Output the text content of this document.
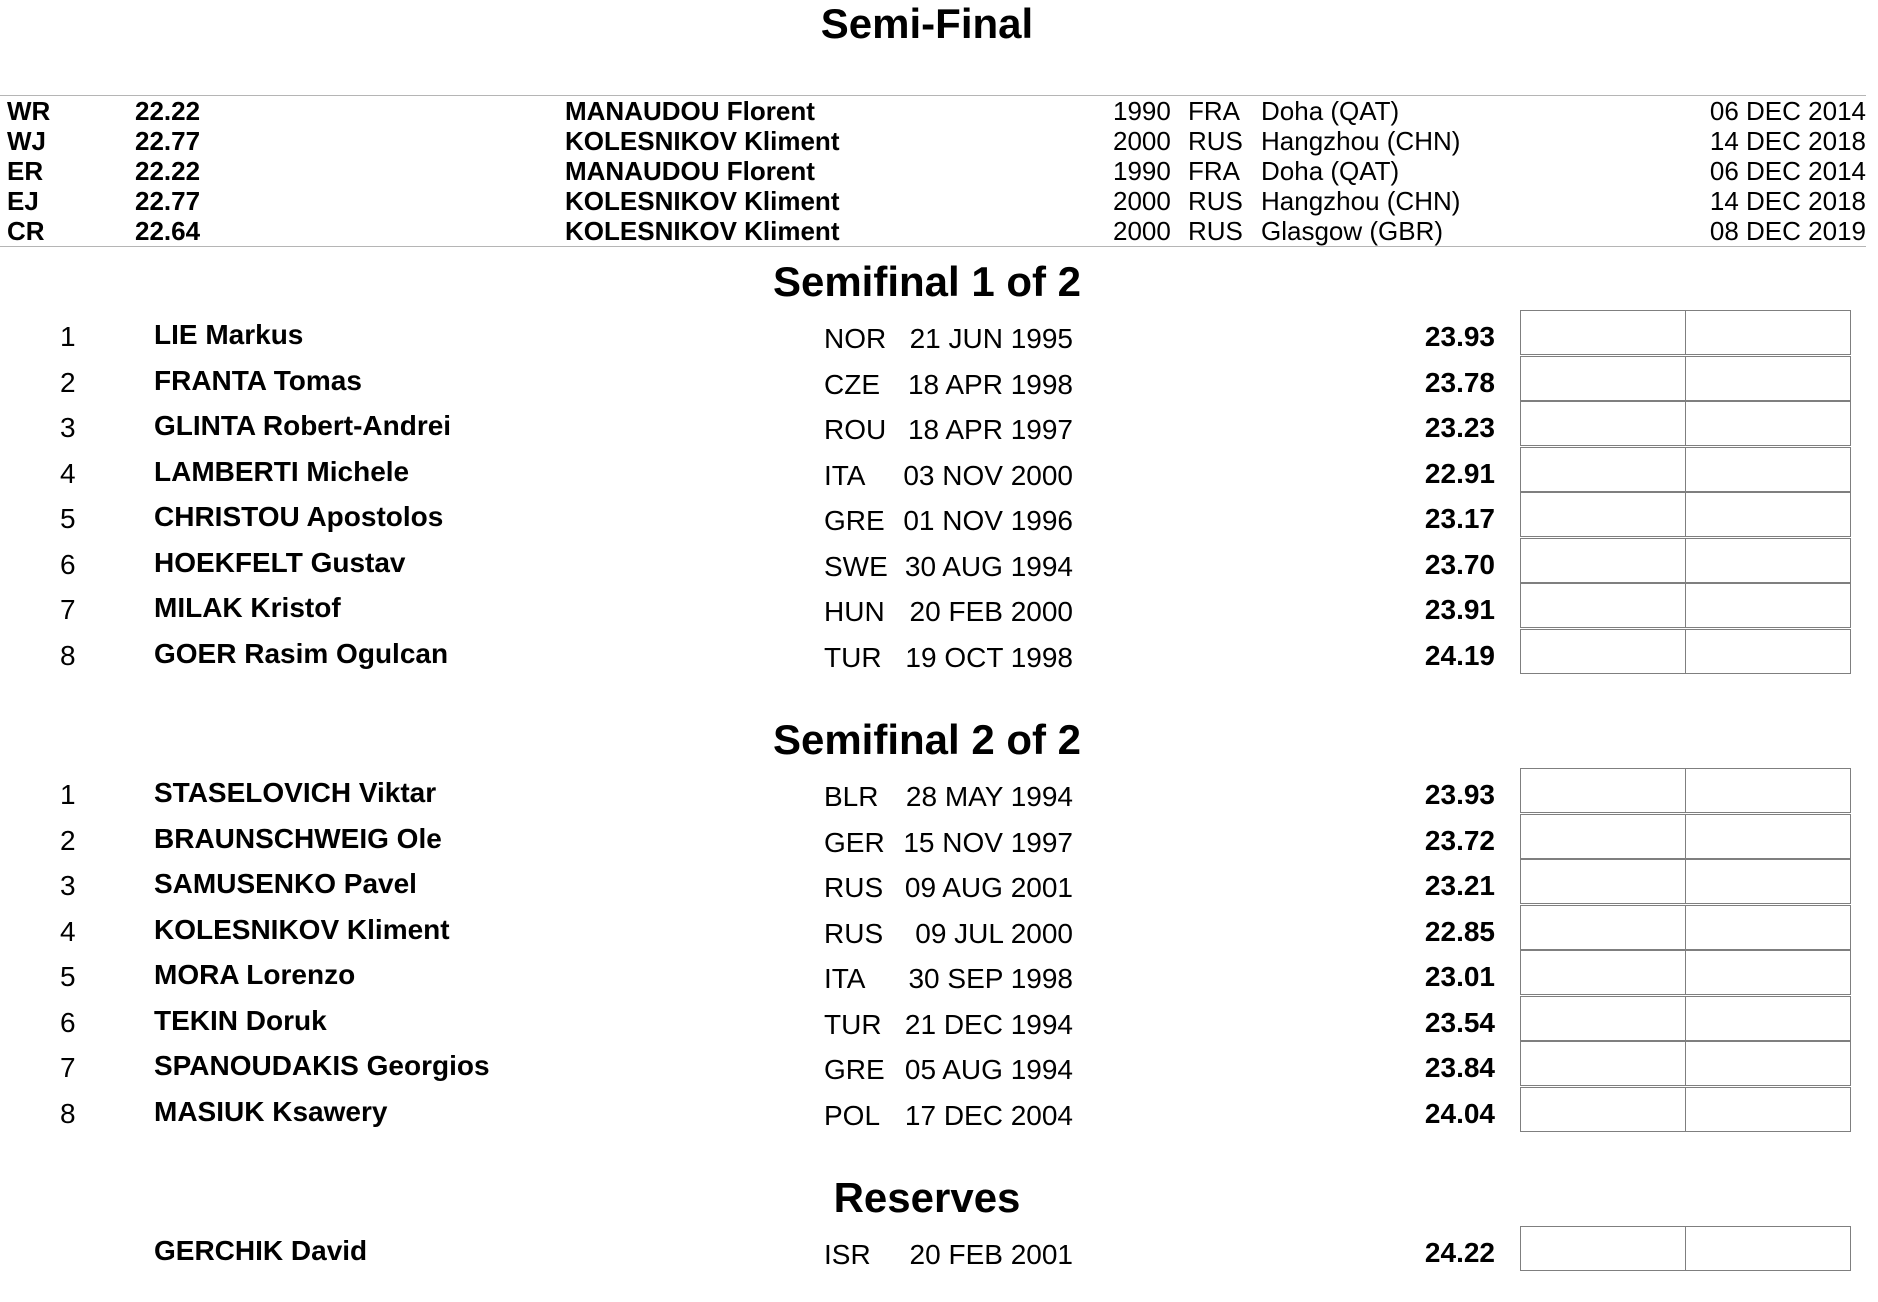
Semi-Final
WR	22.22	MANAUDOU Florent	1990 FRA Doha (QAT)	06 DEC 2014
WJ	22.77	KOLESNIKOV Kliment	2000 RUS Hangzhou (CHN)	14 DEC 2018
ER	22.22	MANAUDOU Florent	1990 FRA Doha (QAT)	06 DEC 2014
EJ	22.77	KOLESNIKOV Kliment	2000 RUS Hangzhou (CHN)	14 DEC 2018
CR	22.64	KOLESNIKOV Kliment	2000 RUS Glasgow (GBR)	08 DEC 2019
Semifinal 1 of 2
1	LIE Markus	NOR 21 JUN 1995	23.93
2	FRANTA Tomas	CZE 18 APR 1998	23.78
3	GLINTA Robert-Andrei	ROU 18 APR 1997	23.23
4	LAMBERTI Michele	ITA	03 NOV 2000	22.91
5	CHRISTOU Apostolos	GRE 01 NOV 1996	23.17
6	HOEKFELT Gustav	SWE 30 AUG 1994	23.70
7	MILAK Kristof	HUN 20 FEB 2000	23.91
8	GOER Rasim Ogulcan	TUR 19 OCT 1998	24.19
Semifinal 2 of 2
1	STASELOVICH Viktar	BLR 28 MAY 1994	23.93
2	BRAUNSCHWEIG Ole	GER 15 NOV 1997	23.72
3	SAMUSENKO Pavel	RUS 09 AUG 2001	23.21
4	KOLESNIKOV Kliment	RUS	09 JUL 2000	22.85
5	MORA Lorenzo	ITA	30 SEP 1998	23.01
6	TEKIN Doruk	TUR 21 DEC 1994	23.54
7	SPANOUDAKIS Georgios	GRE 05 AUG 1994	23.84
8	MASIUK Ksawery	POL 17 DEC 2004	24.04
Reserves
GERCHIK David	ISR	20 FEB 2001	24.22
